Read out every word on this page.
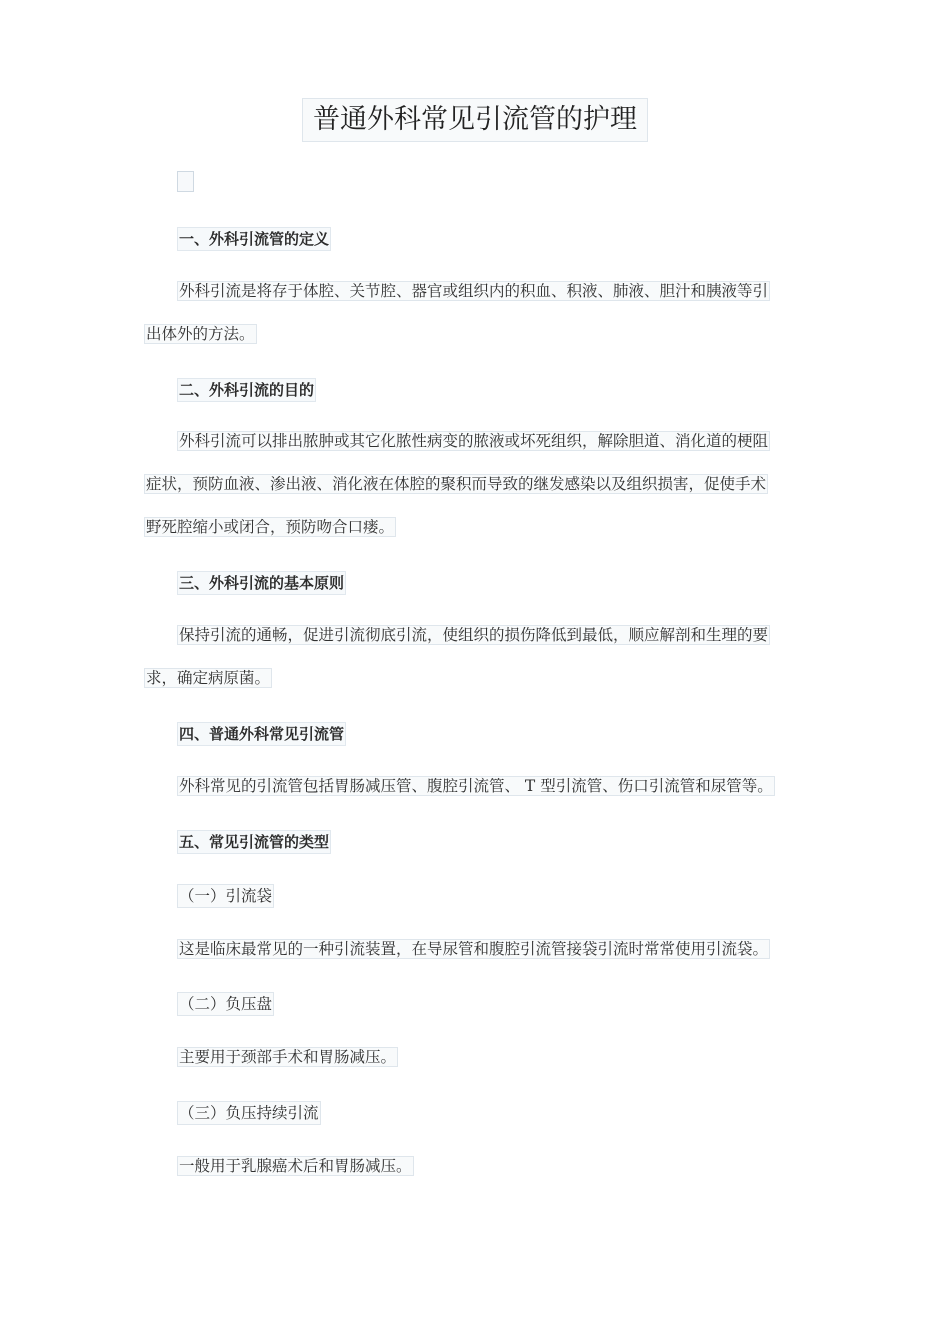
普通外科常见引流管的护理
一、外科引流管的定义
外科引流是将存于体腔、关节腔、器官或组织内的积血、积液、肺液、胆汁和胰液等引
出体外的方法。
二、外科引流的目的
外科引流可以排出脓肿或其它化脓性病变的脓液或坏死组织，解除胆道、消化道的梗阻
症状，预防血液、渗出液、消化液在体腔的聚积而导致的继发感染以及组织损害，促使手术
野死腔缩小或闭合，预防吻合口瘘。
三、外科引流的基本原则
保持引流的通畅，促进引流彻底引流，使组织的损伤降低到最低，顺应解剖和生理的要
求，确定病原菌。
四、普通外科常见引流管
外科常见的引流管包括胃肠减压管、腹腔引流管、 T 型引流管、伤口引流管和尿管等。
五、常见引流管的类型
（一）引流袋
这是临床最常见的一种引流装置，在导尿管和腹腔引流管接袋引流时常常使用引流袋。
（二）负压盘
主要用于颈部手术和胃肠减压。
（三）负压持续引流
一般用于乳腺癌术后和胃肠减压。
